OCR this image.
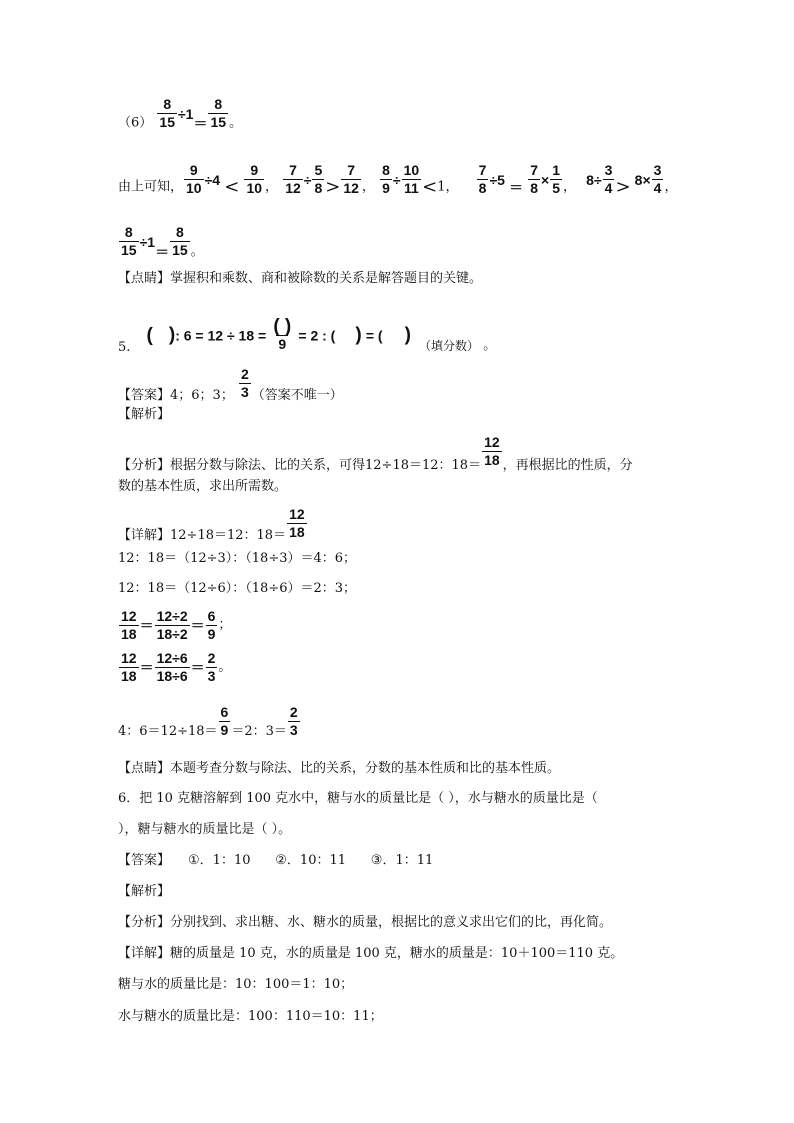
$(6) \frac{8}{15} \div 1= \frac{8}{15}$ 。
由上可知， $\frac{9}{10} \div 4 < \frac{9}{10}$ ， $\frac{7}{12} \div \frac{5}{8} > \frac{7}{12}$ ， $\frac{8}{9} \div \frac{10}{11} <1$， $\frac{7}{8} \div 5 = \frac{7}{8} \times \frac{1}{5}$ ， $8\div \frac{3}{4} > 8\times \frac{3}{4}$ ，
$\frac{8}{15} \div 1= \frac{8}{15}$ 。
【点睛】掌握积和乘数、商和被除数的关系是解答题目的关键。
5. ( ): $6 = 12 \div 18 = \frac{( )}{9} = 2$ : ( ) = ( ) （填分数） 。
【答案】4；6；3； $\frac{2}{3}$ （答案不唯一）
【解析】
【分析】根据分数与除法、比的关系，可得12÷18＝12：$18= \frac{12}{18}$ ，再根据比的性质，分
数的基本性质，求出所需数。
【详解】12÷18＝12：$18= \frac{12}{18}$
12：18＝（12÷3）：（18÷3）＝4：6；
12：18＝（12÷6）：（18÷6）＝2：3；
$\frac{12}{18} = \frac{12\div 2}{18\div 2} = \frac{6}{9}$ ；
$\frac{12}{18} = \frac{12\div 6}{18\div 6} = \frac{2}{3}$ 。
4：$6=12\div 18= \frac{6}{9} =2$：$3= \frac{2}{3}$
【点睛】本题考查分数与除法、比的关系，分数的基本性质和比的基本性质。
6．把 10 克糖溶解到 100 克水中，糖与水的质量比是（ ），水与糖水的质量比是（
），糖与糖水的质量比是（ ）。
【答案】 ①．1：10      ②．10：11      ③．1：11
【解析】
【分析】分别找到、求出糖、水、糖水的质量，根据比的意义求出它们的比，再化简。
【详解】糖的质量是 10 克，水的质量是 100 克，糖水的质量是：10＋100＝110 克。
糖与水的质量比是：10：100＝1：10；
水与糖水的质量比是：100：110＝10：11；
